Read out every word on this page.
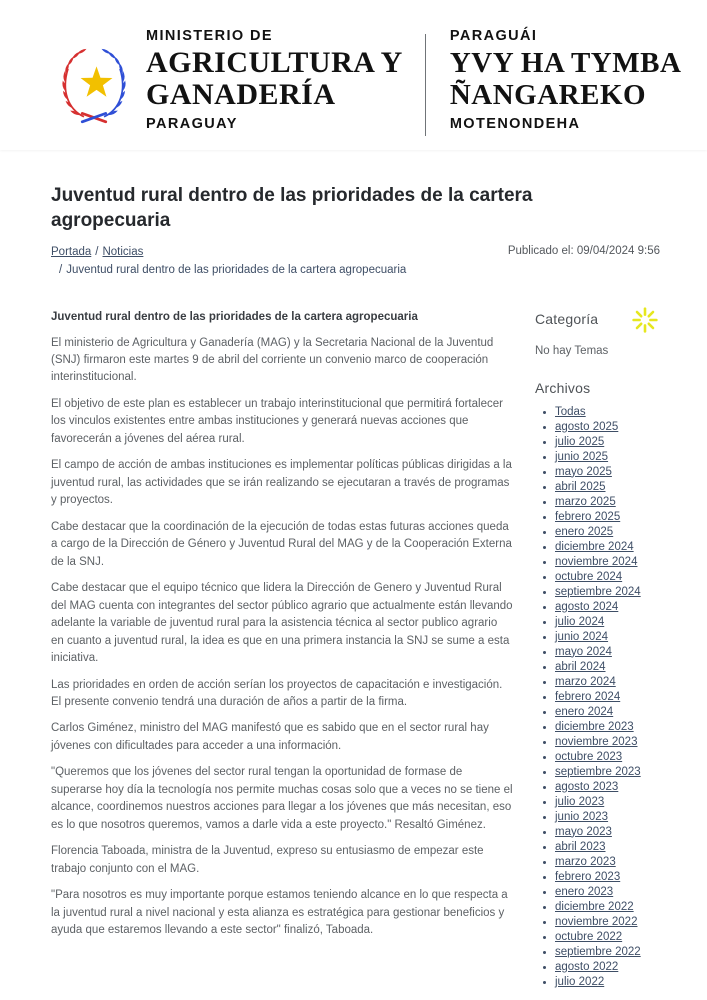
MINISTERIO DE
AGRICULTURA Y
GANADERÍA
PARAGUAY
PARAGUÁI
YVY HA TYMBA
ÑANGAREKO
MOTENONDEHA
Juventud rural dentro de las prioridades de la cartera agropecuaria
Portada / Noticias
/ Juventud rural dentro de las prioridades de la cartera agropecuaria
Publicado el: 09/04/2024 9:56
Juventud rural dentro de las prioridades de la cartera agropecuaria

El ministerio de Agricultura y Ganadería (MAG) y la Secretaria Nacional de la Juventud (SNJ) firmaron este martes 9 de abril del corriente un convenio marco de cooperación interinstitucional.

El objetivo de este plan es establecer un trabajo interinstitucional que permitirá fortalecer los vinculos existentes entre ambas instituciones y generará nuevas acciones que favorecerán a jóvenes del aérea rural.

El campo de acción de ambas instituciones es implementar políticas públicas dirigidas a la juventud rural, las actividades que se irán realizando se ejecutaran a través de programas y proyectos.

Cabe destacar que la coordinación de la ejecución de todas estas futuras acciones queda a cargo de la Dirección de Género y Juventud Rural del MAG y de la Cooperación Externa de la SNJ.

Cabe destacar que el equipo técnico que lidera la Dirección de Genero y Juventud Rural del MAG cuenta con integrantes del sector público agrario que actualmente están llevando adelante la variable de juventud rural para la asistencia técnica al sector publico agrario en cuanto a juventud rural, la idea es que en una primera instancia la SNJ se sume a esta iniciativa.

Las prioridades en orden de acción serían los proyectos de capacitación e investigación. El presente convenio tendrá una duración de años a partir de la firma.

Carlos Giménez, ministro del MAG manifestó que es sabido que en el sector rural hay jóvenes con dificultades para acceder a una información.

"Queremos que los jóvenes del sector rural tengan la oportunidad de formase de superarse hoy día la tecnología nos permite muchas cosas solo que a veces no se tiene el alcance, coordinemos nuestros acciones para llegar a los jóvenes que más necesitan, eso es lo que nosotros queremos, vamos a darle vida a este proyecto." Resaltó Giménez.

Florencia Taboada, ministra de la Juventud, expreso su entusiasmo de empezar este trabajo conjunto con el MAG.

"Para nosotros es muy importante porque estamos teniendo alcance en lo que respecta a la juventud rural a nivel nacional y esta alianza es estratégica para gestionar beneficios y ayuda que estaremos llevando a este sector" finalizó, Taboada.

Categoría
No hay Temas
Archivos
• Todas
• agosto 2025
• julio 2025
• junio 2025
• mayo 2025
• abril 2025
• marzo 2025
• febrero 2025
• enero 2025
• diciembre 2024
• noviembre 2024
• octubre 2024
• septiembre 2024
• agosto 2024
• julio 2024
• junio 2024
• mayo 2024
• abril 2024
• marzo 2024
• febrero 2024
• enero 2024
• diciembre 2023
• noviembre 2023
• octubre 2023
• septiembre 2023
• agosto 2023
• julio 2023
• junio 2023
• mayo 2023
• abril 2023
• marzo 2023
• febrero 2023
• enero 2023
• diciembre 2022
• noviembre 2022
• octubre 2022
• septiembre 2022
• agosto 2022
• julio 2022
